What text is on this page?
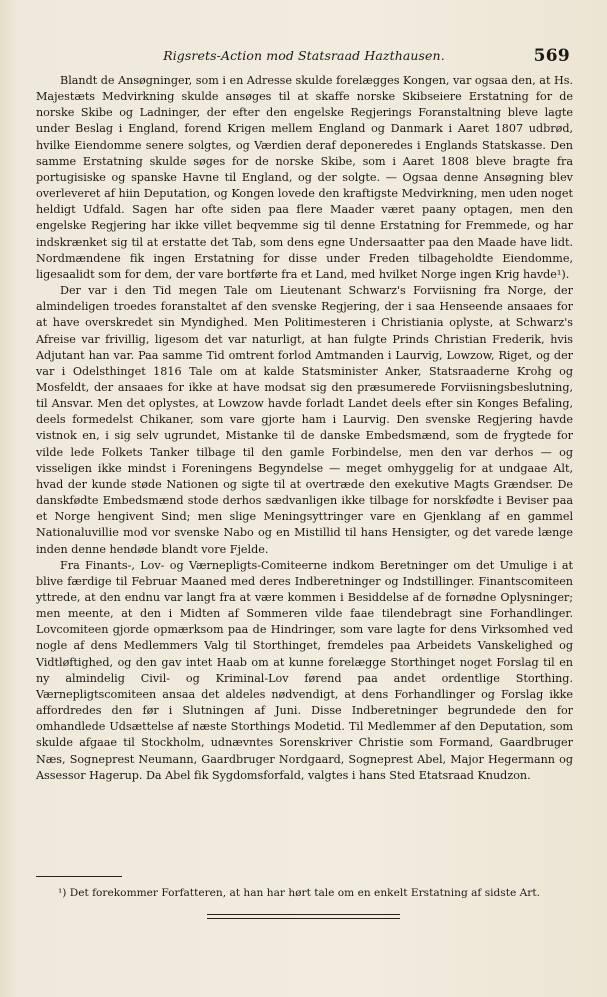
Rigsrets-Action mod Statsraad Hazthausen.	569

Blandt de Ansøgninger, som i en Adresse skulde forelægges Kongen, var ogsaa den, at Hs. Majestæts Medvirkning skulde ansøges til at skaffe norske Skibseiere Erstatning for de norske Skibe og Ladninger, der efter den engelske Regjerings Foranstaltning bleve lagte under Beslag i England, forend Krigen mellem England og Danmark i Aaret 1807 udbrød, hvilke Eiendomme senere solgtes, og Værdien deraf deponeredes i Englands Statskasse. Den samme Erstatning skulde søges for de norske Skibe, som i Aaret 1808 bleve bragte fra portugisiske og spanske Havne til England, og der solgte. — Ogsaa denne Ansøgning blev overleveret af hiin Deputation, og Kongen lovede den kraftigste Medvirkning, men uden noget heldigt Udfald. Sagen har ofte siden paa flere Maader været paany optagen, men den engelske Regjering har ikke villet beqvemme sig til denne Erstatning for Fremmede, og har indskrænket sig til at erstatte det Tab, som dens egne Undersaatter paa den Maade have lidt. Nordmændene fik ingen Erstatning for disse under Freden tilbageholdte Eiendomme, ligesaalidt som for dem, der vare bortførte fra et Land, med hvilket Norge ingen Krig havde¹).

Der var i den Tid megen Tale om Lieutenant Schwarz's Forviisning fra Norge, der almindeligen troedes foranstaltet af den svenske Regjering, der i saa Henseende ansaaes for at have overskredet sin Myndighed. Men Politimesteren i Christiania oplyste, at Schwarz's Afreise var frivillig, ligesom det var naturligt, at han fulgte Prinds Christian Frederik, hvis Adjutant han var. Paa samme Tid omtrent forlod Amtmanden i Laurvig, Lowzow, Riget, og der var i Odelsthinget 1816 Tale om at kalde Statsminister Anker, Statsraaderne Krohg og Mosfeldt, der ansaaes for ikke at have modsat sig den præsumerede Forviisningsbeslutning, til Ansvar. Men det oplystes, at Lowzow havde forladt Landet deels efter sin Konges Befaling, deels formedelst Chikaner, som vare gjorte ham i Laurvig. Den svenske Regjering havde vistnok en, i sig selv ugrundet, Mistanke til de danske Embedsmænd, som de frygtede for vilde lede Folkets Tanker tilbage til den gamle Forbindelse, men den var derhos — og visseligen ikke mindst i Foreningens Begyndelse — meget omhyggelig for at undgaae Alt, hvad der kunde støde Nationen og sigte til at overtræde den exekutive Magts Grændser. De danskfødte Embedsmænd stode derhos sædvanligen ikke tilbage for norskfødte i Beviser paa et Norge hengivent Sind; men slige Meningsyttringer vare en Gjenklang af en gammel Nationaluvillie mod vor svenske Nabo og en Mistillid til hans Hensigter, og det varede længe inden denne hendøde blandt vore Fjelde.

Fra Finants-, Lov- og Værnepligts-Comiteerne indkom Beretninger om det Umulige i at blive færdige til Februar Maaned med deres Indberetninger og Indstillinger. Finantscomiteen yttrede, at den endnu var langt fra at være kommen i Besiddelse af de fornødne Oplysninger; men meente, at den i Midten af Sommeren vilde faae tilendebragt sine Forhandlinger. Lovcomiteen gjorde opmærksom paa de Hindringer, som vare lagte for dens Virksomhed ved nogle af dens Medlemmers Valg til Storthinget, fremdeles paa Arbeidets Vanskelighed og Vidtløftighed, og den gav intet Haab om at kunne forelægge Storthinget noget Forslag til en ny almindelig Civil- og Kriminal-Lov førend paa andet ordentlige Storthing. Værnepligtscomiteen ansaa det aldeles nødvendigt, at dens Forhandlinger og Forslag ikke affordredes den før i Slutningen af Juni. Disse Indberetninger begrundede den for omhandlede Udsættelse af næste Storthings Modetid. Til Medlemmer af den Deputation, som skulde afgaae til Stockholm, udnævntes Sorenskriver Christie som Formand, Gaardbruger Næs, Sogneprest Neumann, Gaardbruger Nordgaard, Sogneprest Abel, Major Hegermann og Assessor Hagerup. Da Abel fik Sygdomsforfald, valgtes i hans Sted Etatsraad Knudzon.

¹) Det forekommer Forfatteren, at han har hørt tale om en enkelt Erstatning af sidste Art.
